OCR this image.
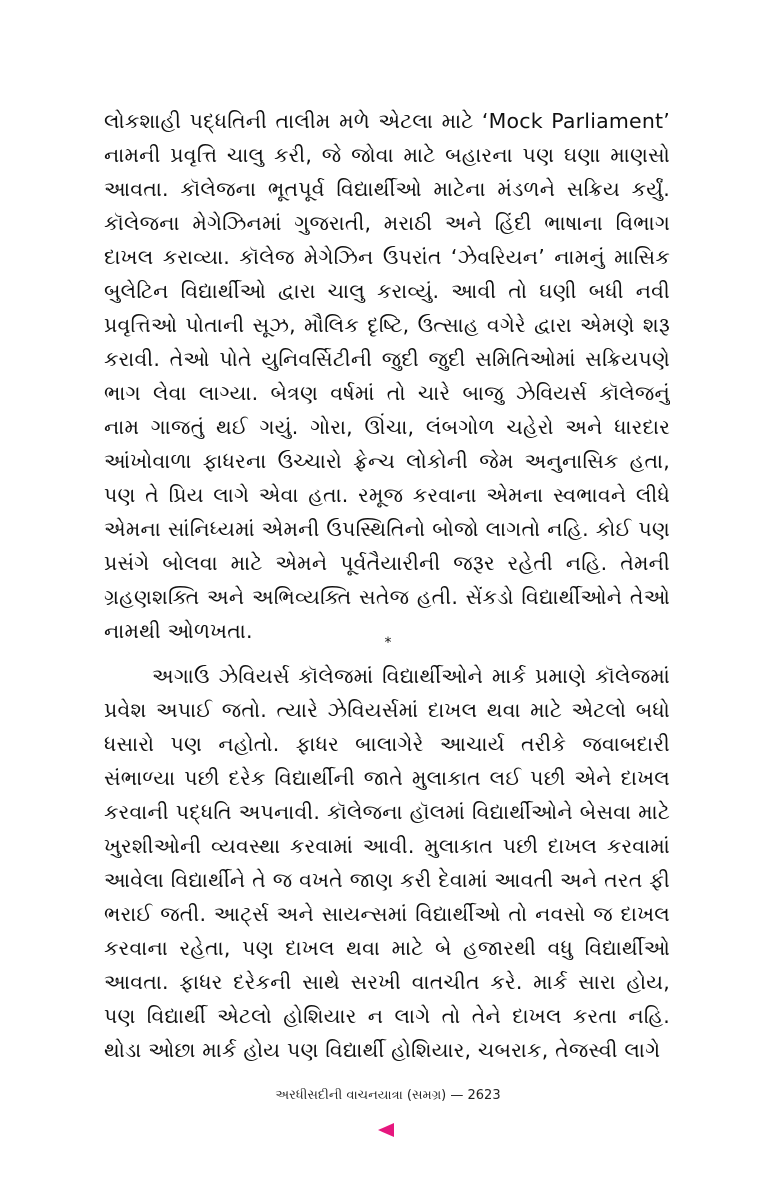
લોકશાહી પદ્ધતિની તાલીમ મળે એટલા માટે ‘Mock Parliament’
નામની પ્રવૃત્તિ ચાલુ કરી, જે જોવા માટે બહારના પણ ઘણા માણસો
આવતા. કૉલેજના ભૂતપૂર્વ વિદ્યાર્થીઓ માટેના મંડળને સક્રિય કર્યું.
કૉલેજના મેગેઝિનમાં ગુજરાતી, મરાઠી અને હિંદી ભાષાના વિભાગ
દાખલ કરાવ્યા. કૉલેજ મેગેઝિન ઉપરાંત ‘ઝેવરિયન’ નામનું માસિક
બુલેટિન વિદ્યાર્થીઓ દ્વારા ચાલુ કરાવ્યું. આવી તો ઘણી બધી નવી
પ્રવૃત્તિઓ પોતાની સૂઝ, મૌલિક દૃષ્ટિ, ઉત્સાહ વગેરે દ્વારા એમણે શરૂ
કરાવી. તેઓ પોતે યુનિવર્સિટીની જુદી જુદી સમિતિઓમાં સક્રિયપણે
ભાગ લેવા લાગ્યા. બેત્રણ વર્ષમાં તો ચારે બાજુ ઝેવિયર્સ કૉલેજનું
નામ ગાજતું થઈ ગયું. ગોરા, ઊંચા, લંબગોળ ચહેરો અને ધારદાર
આંખોવાળા ફાધરના ઉચ્ચારો ફ્રેન્ચ લોકોની જેમ અનુનાસિક હતા,
પણ તે પ્રિય લાગે એવા હતા. રમૂજ કરવાના એમના સ્વભાવને લીધે
એમના સાંનિધ્યમાં એમની ઉપસ્થિતિનો બોજો લાગતો નહિ. કોઈ પણ
પ્રસંગે બોલવા માટે એમને પૂર્વતૈયારીની જરૂર રહેતી નહિ. તેમની
ગ્રહણશક્તિ અને અભિવ્યક્તિ સતેજ હતી. સેંકડો વિદ્યાર્થીઓને તેઓ
નામથી ઓળખતા.	*

અગાઉ ઝેવિયર્સ કૉલેજમાં વિદ્યાર્થીઓને માર્ક પ્રમાણે કૉલેજમાં
પ્રવેશ અપાઈ જતો. ત્યારે ઝેવિયર્સમાં દાખલ થવા માટે એટલો બધો
ધસારો પણ નહોતો. ફાધર બાલાગેરે આચાર્ય તરીકે જવાબદારી
સંભાળ્યા પછી દરેક વિદ્યાર્થીની જાતે મુલાકાત લઈ પછી એને દાખલ
કરવાની પદ્ધતિ અપનાવી. કૉલેજના હૉલમાં વિદ્યાર્થીઓને બેસવા માટે
ખુરશીઓની વ્યવસ્થા કરવામાં આવી. મુલાકાત પછી દાખલ કરવામાં
આવેલા વિદ્યાર્થીને તે જ વખતે જાણ કરી દેવામાં આવતી અને તરત ફી
ભરાઈ જતી. આર્ટ્સ અને સાયન્સમાં વિદ્યાર્થીઓ તો નવસો જ દાખલ
કરવાના રહેતા, પણ દાખલ થવા માટે બે હજારથી વધુ વિદ્યાર્થીઓ
આવતા. ફાધર દરેકની સાથે સરખી વાતચીત કરે. માર્ક સારા હોય,
પણ વિદ્યાર્થી એટલો હોશિયાર ન લાગે તો તેને દાખલ કરતા નહિ.
થોડા ઓછા માર્ક હોય પણ વિદ્યાર્થી હોશિયાર, ચબરાક, તેજસ્વી લાગે

અરધીસદીની વાચનયાત્રા (સમગ્ર) — 2623
